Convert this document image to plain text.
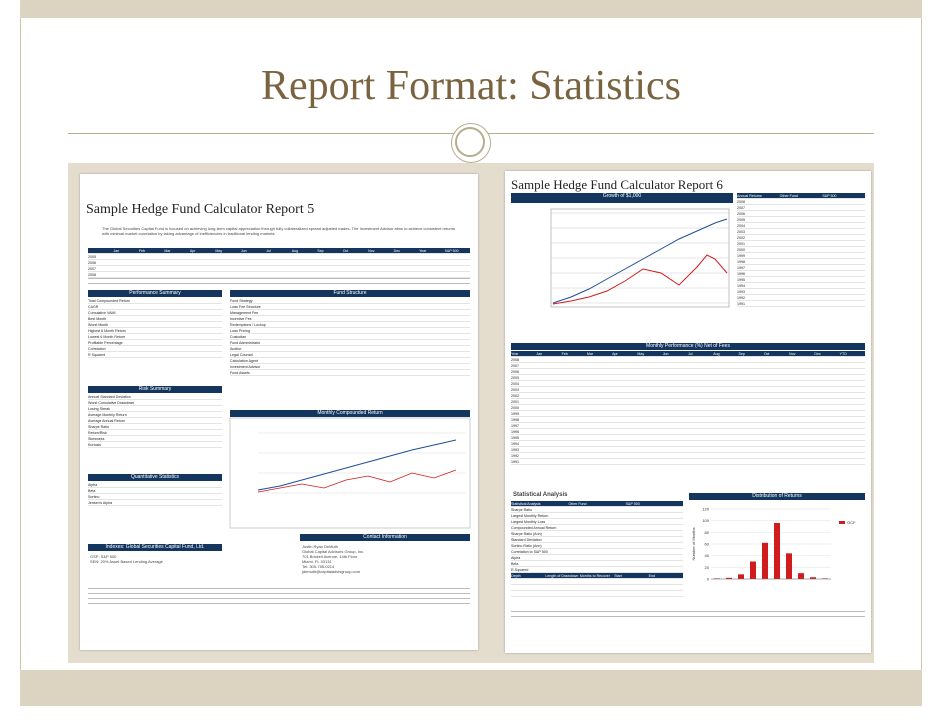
Report Format: Statistics
Sample Hedge Fund Calculator Report 5
The Global Securities Capital Fund is focused on achieving long-term capital appreciation through fully collateralized spread adjusted trades. The Investment Advisor aims to achieve consistent returns with minimal market correlation by taking advantage of inefficiencies in traditional lending markets.
Jan	Feb	Mar	Apr	May	Jun	Jul	Aug	Sep	Oct	Nov	Dec	Year	S&P 500
2005
2006
2007
2008
Performance Summary
Total Compounded Return
CAGR
Cumulative VAMI
Best Month
Worst Month
Highest 6 Month Return
Lowest 6 Month Return
Profitable Percentage
Correlation
R Squared
Risk Summary
Annual Standard Deviation
Worst Cumulative Drawdown
Losing Streak
Average Monthly Return
Average Annual Return
Sharpe Ratio
Return/Risk
Skewness
Kurtosis
Quantitative Statistics
Alpha
Beta
Sortino
Jensen's Alpha
Indexes: Global Securities Capital Fund, Ltd.
GSP: S&P 500
SEN: 20% Asset Based Lending Average
Fund Structure
Fund Strategy
Loan Fee Structure
Management Fee
Incentive Fee
Redemptions / Lockup
Loan Pricing
Custodian
Fund Administrator
Auditor
Legal Counsel
Calculation Agent
Investment Advisor
Fund Assets
Monthly Compounded Return
Contact Information
Justin Ryan DeMuth
Global Capital Advisors Group, Inc.
701 Brickell Avenue, 14th Floor
Miami, FL 33131
Tel: 305-755-0214
jdemuth@capitaladvisgroup.com
Sample Hedge Fund Calculator Report 6
Growth of $1,000	Annual Returns	Other Fund	S&P 500
2008
2007
2006
2005
2004
2003
2002
2001
2000
1999
1998
1997
1996
1995
1994
1993
1992
1991
Monthly Performance (%) Net of Fees
Year	Jan	Feb	Mar	Apr	May	Jun	Jul	Aug	Sep	Oct	Nov	Dec	YTD
2008
2007
2006
2005
2004
2003
2002
2001
2000
1999
1998
1997
1996
1995
1994
1993
1992
1991
Statistical Analysis
Statistical Analysis	Other Fund	S&P 500
Sharpe Ratio
Largest Monthly Return
Largest Monthly Loss
Compounded Annual Return
Sharpe Ratio (Ann)
Standard Deviation
Sortino Ratio (Ann)
Correlation to S&P 500
Alpha
Beta
R-Squared
Depth	Length of Drawdown Months to Recover	Start	End
Distribution of Returns
120
100
80
60
40
20
0
OCF
Number of Months
